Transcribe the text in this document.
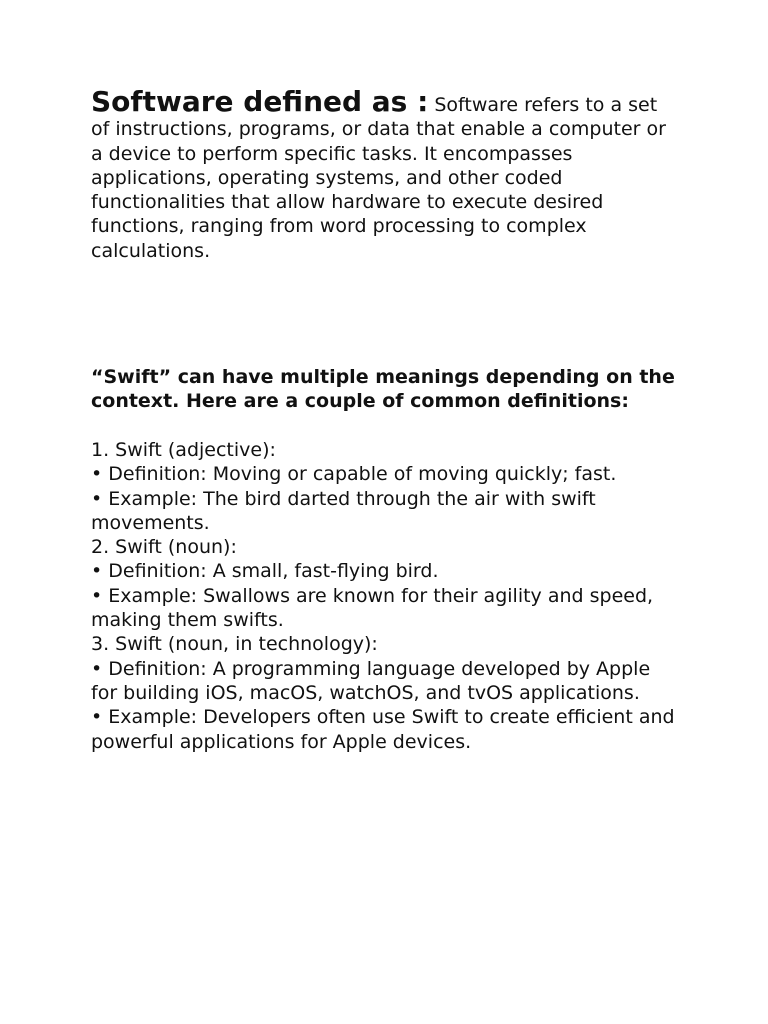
Software defined as : Software refers to a set of instructions, programs, or data that enable a computer or a device to perform specific tasks. It encompasses applications, operating systems, and other coded functionalities that allow hardware to execute desired functions, ranging from word processing to complex calculations.

“Swift” can have multiple meanings depending on the context. Here are a couple of common definitions:

1. Swift (adjective):
• Definition: Moving or capable of moving quickly; fast.
• Example: The bird darted through the air with swift movements.
2. Swift (noun):
• Definition: A small, fast-flying bird.
• Example: Swallows are known for their agility and speed, making them swifts.
3. Swift (noun, in technology):
• Definition: A programming language developed by Apple for building iOS, macOS, watchOS, and tvOS applications.
• Example: Developers often use Swift to create efficient and powerful applications for Apple devices.
